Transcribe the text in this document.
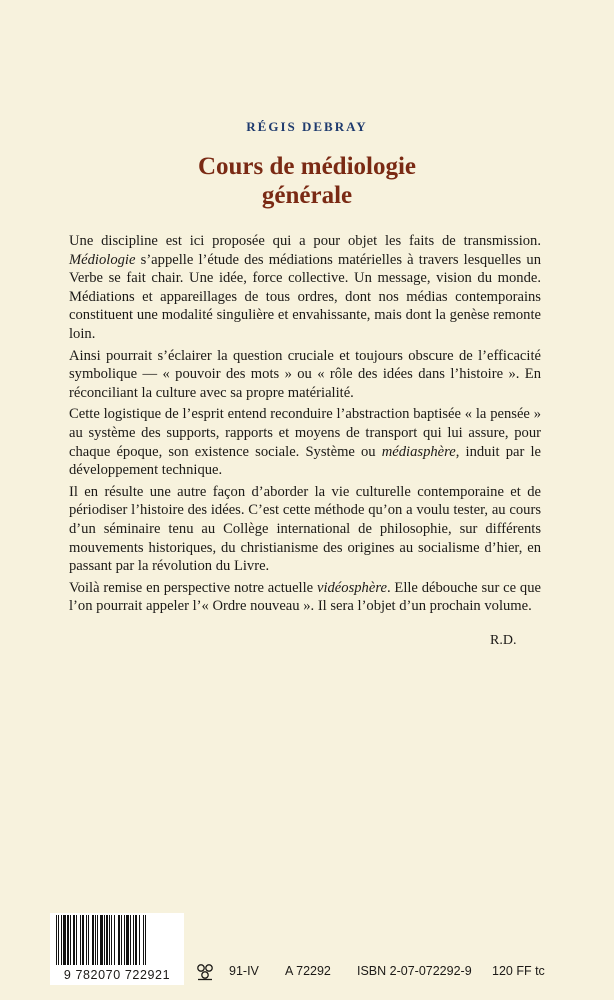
RÉGIS DEBRAY
Cours de médiologie
générale

Une discipline est ici proposée qui a pour objet les faits de transmission. Médiologie s’appelle l’étude des médiations matérielles à travers lesquelles un Verbe se fait chair. Une idée, force collective. Un message, vision du monde. Médiations et appareillages de tous ordres, dont nos médias contemporains constituent une modalité singulière et envahissante, mais dont la genèse remonte loin.

Ainsi pourrait s’éclairer la question cruciale et toujours obscure de l’efficacité symbolique — « pouvoir des mots » ou « rôle des idées dans l’histoire ». En réconciliant la culture avec sa propre matérialité.

Cette logistique de l’esprit entend reconduire l’abstraction baptisée « la pensée » au système des supports, rapports et moyens de transport qui lui assure, pour chaque époque, son existence sociale. Système ou médiasphère, induit par le développement technique.

Il en résulte une autre façon d’aborder la vie culturelle contemporaine et de périodiser l’histoire des idées. C’est cette méthode qu’on a voulu tester, au cours d’un séminaire tenu au Collège international de philosophie, sur différents mouvements historiques, du christianisme des origines au socialisme d’hier, en passant par la révolution du Livre.

Voilà remise en perspective notre actuelle vidéosphère. Elle débouche sur ce que l’on pourrait appeler l’« Ordre nouveau ». Il sera l’objet d’un prochain volume.

R.D.
9 782070 722921	91-IV A 72292 ISBN 2-07-072292-9 120 FF tc
